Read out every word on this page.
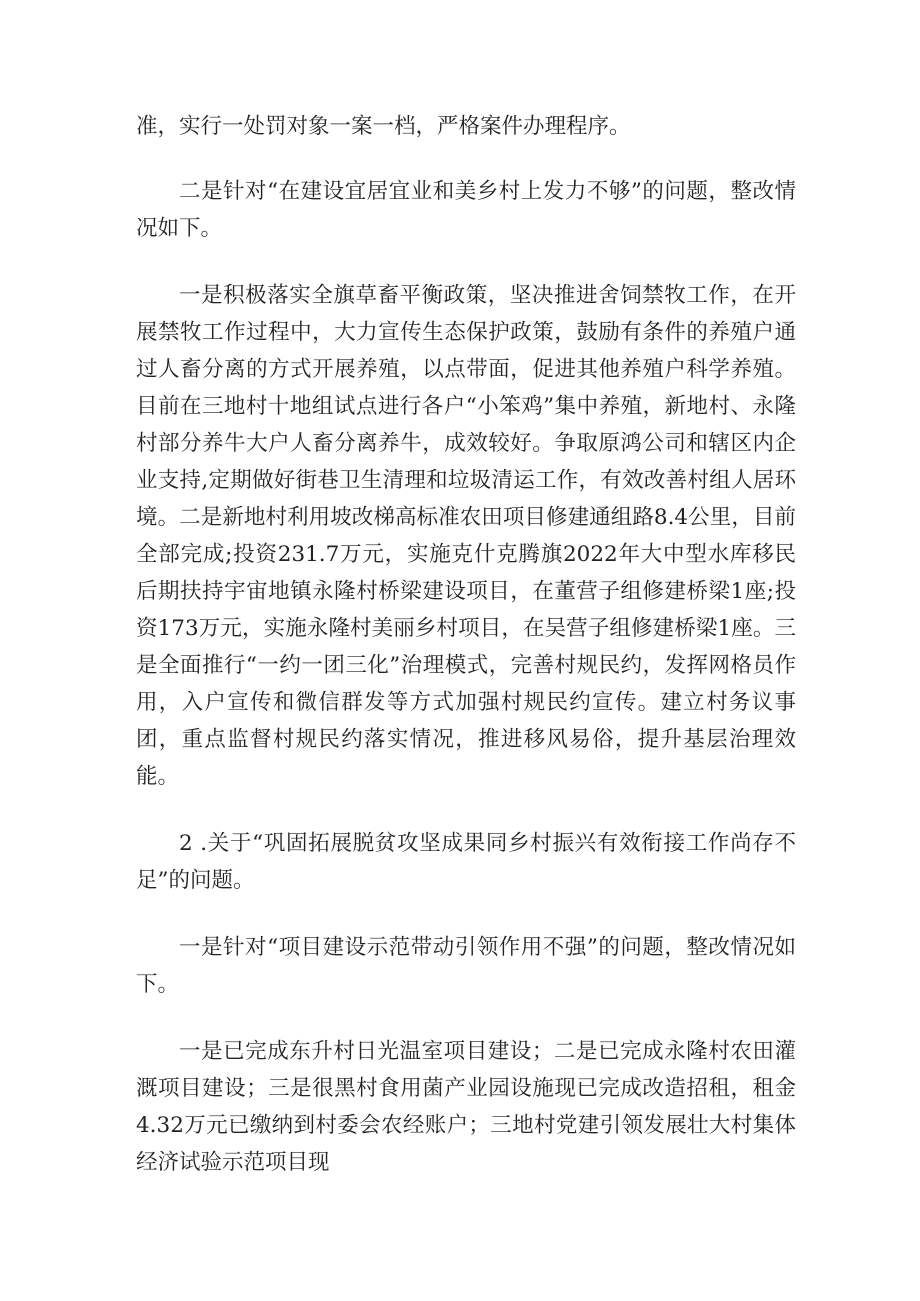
准，实行一处罚对象一案一档，严格案件办理程序。

二是针对“在建设宜居宜业和美乡村上发力不够”的问题，整改情况如下。

一是积极落实全旗草畜平衡政策，坚决推进舍饲禁牧工作，在开展禁牧工作过程中，大力宣传生态保护政策，鼓励有条件的养殖户通过人畜分离的方式开展养殖，以点带面，促进其他养殖户科学养殖。目前在三地村十地组试点进行各户“小笨鸡”集中养殖，新地村、永隆村部分养牛大户人畜分离养牛，成效较好。争取原鸿公司和辖区内企业支持,定期做好街巷卫生清理和垃圾清运工作，有效改善村组人居环境。二是新地村利用坡改梯高标准农田项目修建通组路8.4公里，目前全部完成;投资231.7万元，实施克什克腾旗2022年大中型水库移民后期扶持宇宙地镇永隆村桥梁建设项目，在董营子组修建桥梁1座;投资173万元，实施永隆村美丽乡村项目，在吴营子组修建桥梁1座。三是全面推行“一约一团三化”治理模式，完善村规民约，发挥网格员作用，入户宣传和微信群发等方式加强村规民约宣传。建立村务议事团，重点监督村规民约落实情况，推进移风易俗，提升基层治理效能。

2 .关于“巩固拓展脱贫攻坚成果同乡村振兴有效衔接工作尚存不足”的问题。

一是针对“项目建设示范带动引领作用不强”的问题，整改情况如下。

一是已完成东升村日光温室项目建设；二是已完成永隆村农田灌溉项目建设；三是很黑村食用菌产业园设施现已完成改造招租，租金4.32万元已缴纳到村委会农经账户；三地村党建引领发展壮大村集体经济试验示范项目现
